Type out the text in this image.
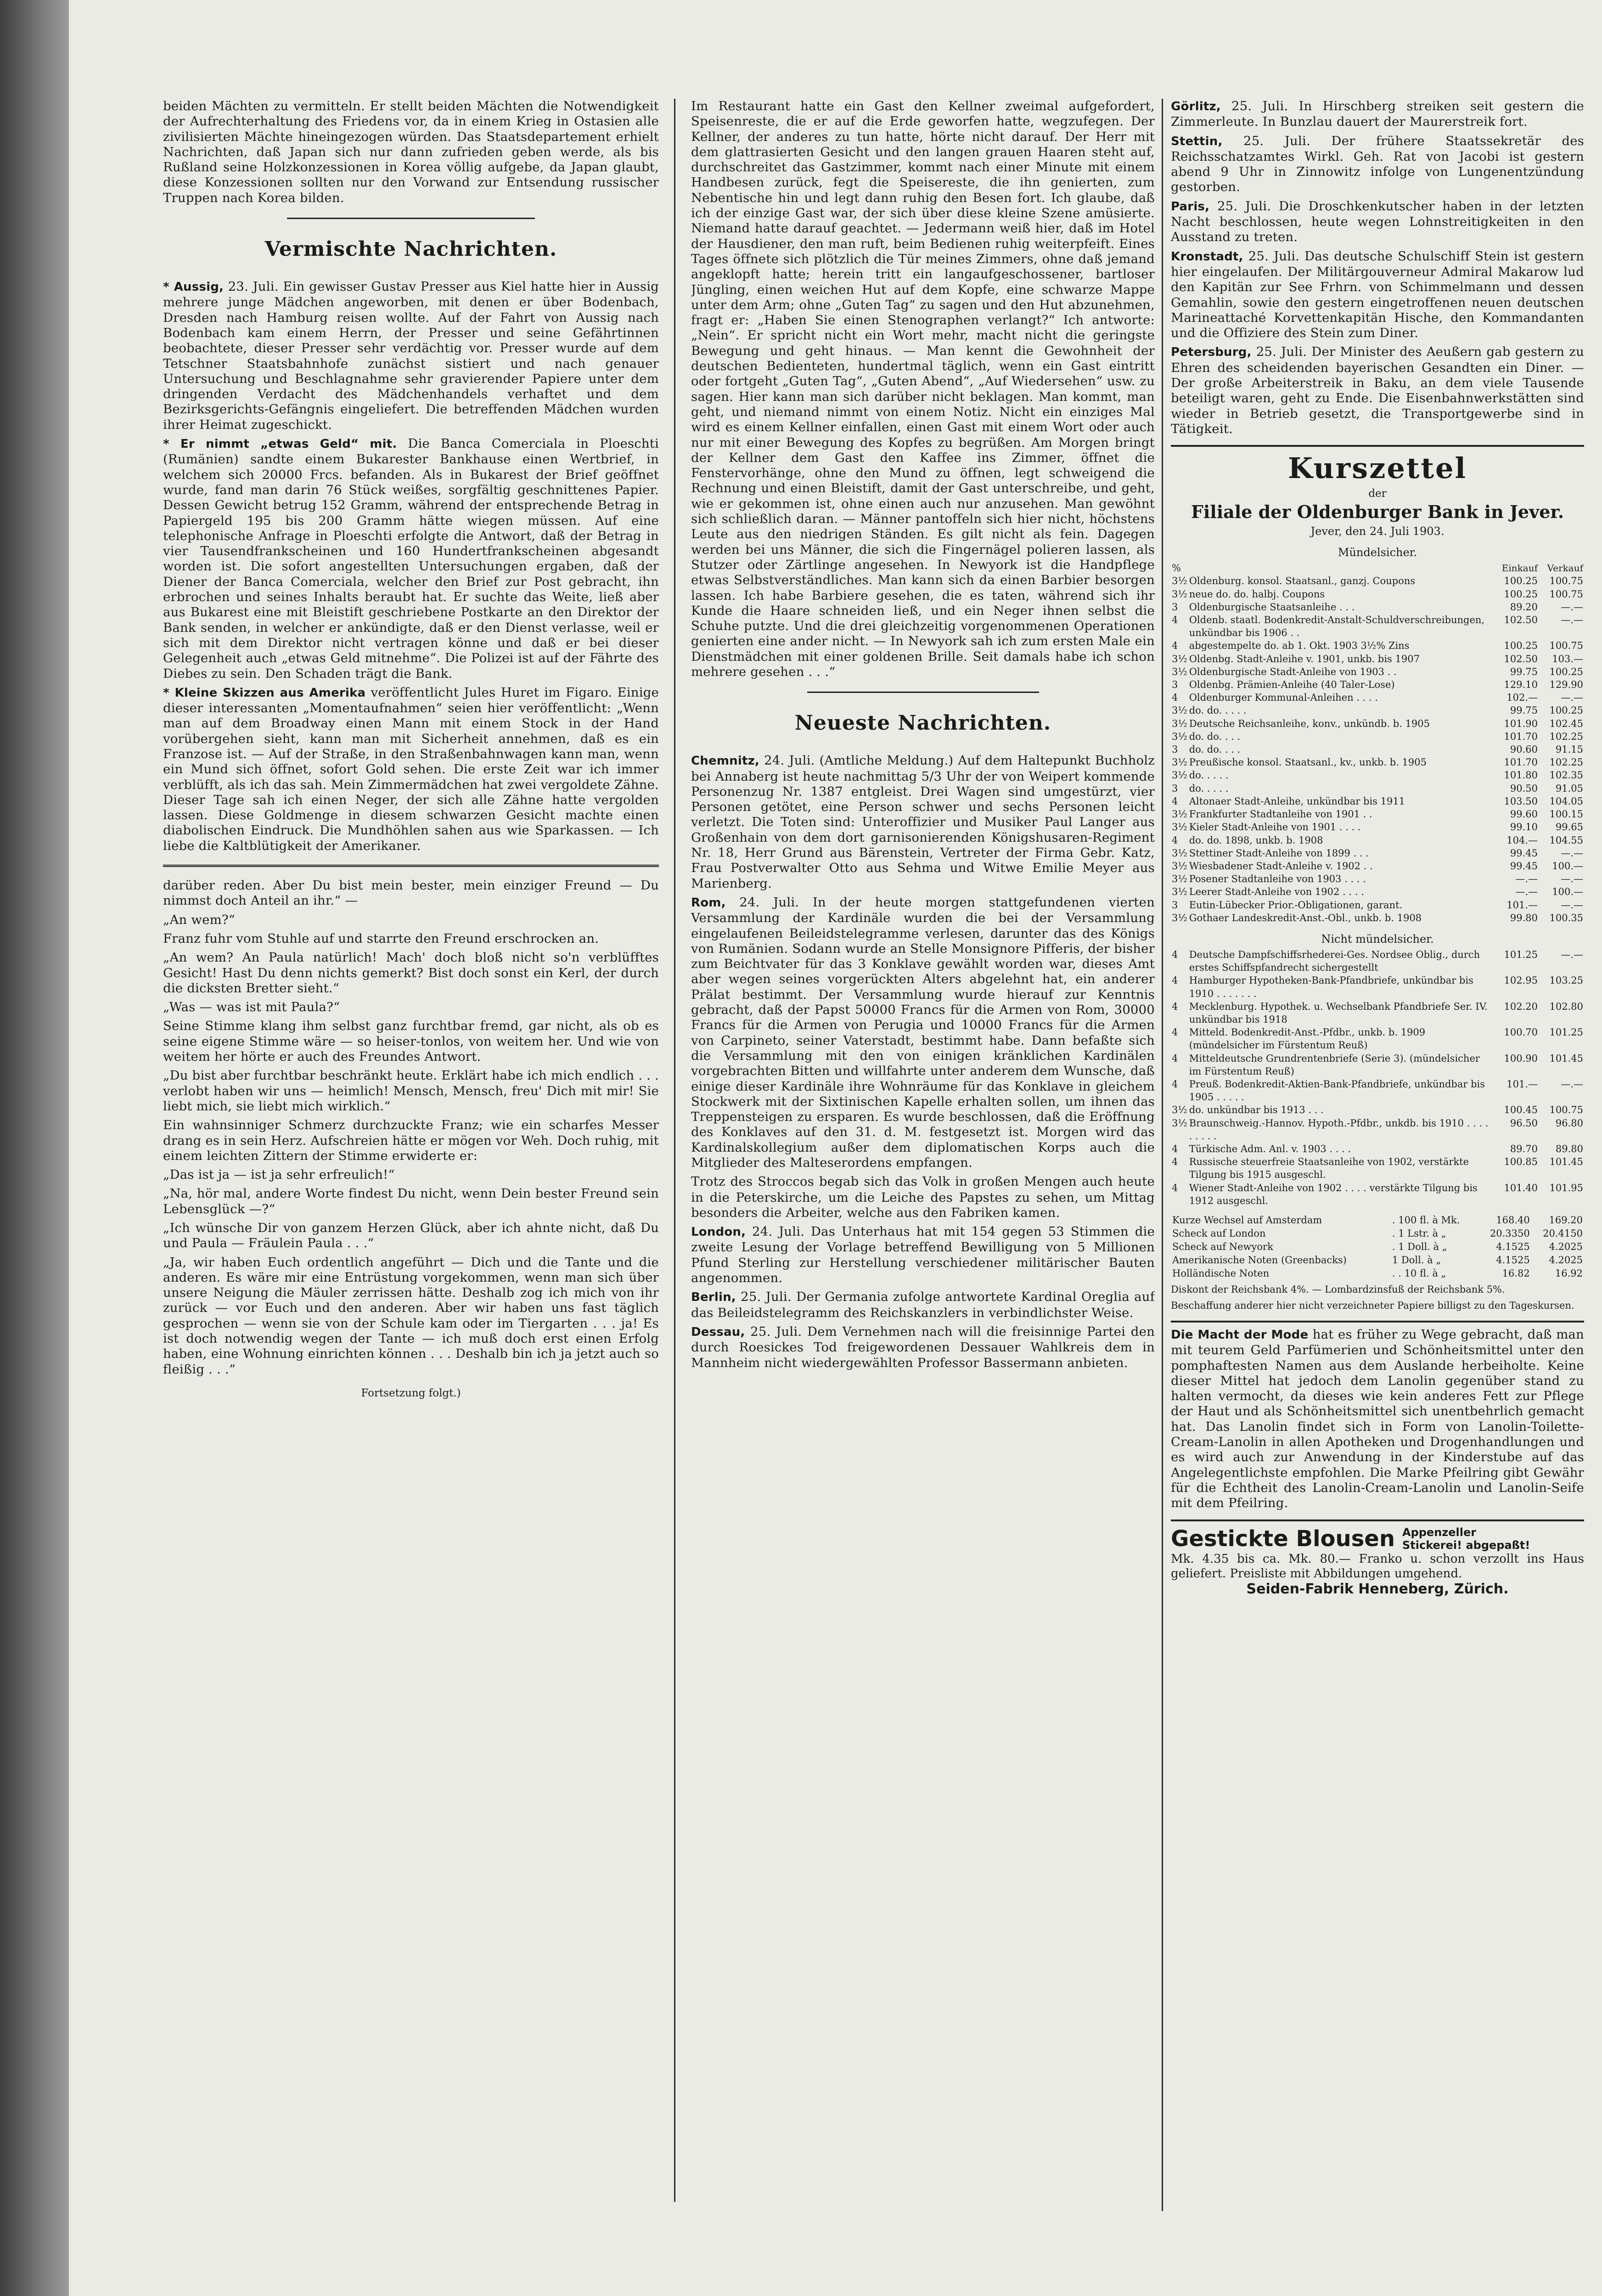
beiden Mächten zu vermitteln. Er stellt beiden Mächten die Notwendigkeit der Aufrechterhaltung des Friedens vor, da in einem Krieg in Ostasien alle zivilisierten Mächte hineingezogen würden. Das Staatsdepartement erhielt Nachrichten, daß Japan sich nur dann zufrieden geben werde, als bis Rußland seine Holzkonzessionen in Korea völlig aufgebe, da Japan glaubt, diese Konzessionen sollten nur den Vorwand zur Entsendung russischer Truppen nach Korea bilden.

Vermischte Nachrichten.

* Aussig, 23. Juli. Ein gewisser Gustav Presser aus Kiel hatte hier in Aussig mehrere junge Mädchen angeworben, mit denen er über Bodenbach, Dresden nach Hamburg reisen wollte. Auf der Fahrt von Aussig nach Bodenbach kam einem Herrn, der Presser und seine Gefährtinnen beobachtete, dieser Presser sehr verdächtig vor. Presser wurde auf dem Tetschner Staatsbahnhofe zunächst sistiert und nach genauer Untersuchung und Beschlagnahme sehr gravierender Papiere unter dem dringenden Verdacht des Mädchenhandels verhaftet und dem Bezirksgerichts-Gefängnis eingeliefert. Die betreffenden Mädchen wurden ihrer Heimat zugeschickt.

* Er nimmt „etwas Geld“ mit. Die Banca Comerciala in Ploeschti (Rumänien) sandte einem Bukarester Bankhause einen Wertbrief, in welchem sich 20000 Frcs. befanden. Als in Bukarest der Brief geöffnet wurde, fand man darin 76 Stück weißes, sorgfältig geschnittenes Papier. Dessen Gewicht betrug 152 Gramm, während der entsprechende Betrag in Papiergeld 195 bis 200 Gramm hätte wiegen müssen. Auf eine telephonische Anfrage in Ploeschti erfolgte die Antwort, daß der Betrag in vier Tausendfrankscheinen und 160 Hundertfrankscheinen abgesandt worden ist. Die sofort angestellten Untersuchungen ergaben, daß der Diener der Banca Comerciala, welcher den Brief zur Post gebracht, ihn erbrochen und seines Inhalts beraubt hat. Er suchte das Weite, ließ aber aus Bukarest eine mit Bleistift geschriebene Postkarte an den Direktor der Bank senden, in welcher er ankündigte, daß er den Dienst verlasse, weil er sich mit dem Direktor nicht vertragen könne und daß er bei dieser Gelegenheit auch „etwas Geld mitnehme“. Die Polizei ist auf der Fährte des Diebes zu sein. Den Schaden trägt die Bank.

* Kleine Skizzen aus Amerika veröffentlicht Jules Huret im Figaro. Einige dieser interessanten „Momentaufnahmen“ seien hier veröffentlicht: „Wenn man auf dem Broadway einen Mann mit einem Stock in der Hand vorübergehen sieht, kann man mit Sicherheit annehmen, daß es ein Franzose ist. — Auf der Straße, in den Straßenbahnwagen kann man, wenn ein Mund sich öffnet, sofort Gold sehen. Die erste Zeit war ich immer verblüfft, als ich das sah. Mein Zimmermädchen hat zwei vergoldete Zähne. Dieser Tage sah ich einen Neger, der sich alle Zähne hatte vergolden lassen. Diese Goldmenge in diesem schwarzen Gesicht machte einen diabolischen Eindruck. Die Mundhöhlen sahen aus wie Sparkassen. — Ich liebe die Kaltblütigkeit der Amerikaner.

darüber reden. Aber Du bist mein bester, mein einziger Freund — Du nimmst doch Anteil an ihr.“ —

„An wem?“

Franz fuhr vom Stuhle auf und starrte den Freund erschrocken an.

„An wem? An Paula natürlich! Mach' doch bloß nicht so'n verblüfftes Gesicht! Hast Du denn nichts gemerkt? Bist doch sonst ein Kerl, der durch die dicksten Bretter sieht.“

„Was — was ist mit Paula?“

Seine Stimme klang ihm selbst ganz furchtbar fremd, gar nicht, als ob es seine eigene Stimme wäre — so heiser-tonlos, von weitem her. Und wie von weitem her hörte er auch des Freundes Antwort.

„Du bist aber furchtbar beschränkt heute. Erklärt habe ich mich endlich . . . verlobt haben wir uns — heimlich! Mensch, Mensch, freu' Dich mit mir! Sie liebt mich, sie liebt mich wirklich.“

Ein wahnsinniger Schmerz durchzuckte Franz; wie ein scharfes Messer drang es in sein Herz. Aufschreien hätte er mögen vor Weh. Doch ruhig, mit einem leichten Zittern der Stimme erwiderte er:

„Das ist ja — ist ja sehr erfreulich!“

„Na, hör mal, andere Worte findest Du nicht, wenn Dein bester Freund sein Lebensglück —?“

„Ich wünsche Dir von ganzem Herzen Glück, aber ich ahnte nicht, daß Du und Paula — Fräulein Paula . . .“

„Ja, wir haben Euch ordentlich angeführt — Dich und die Tante und die anderen. Es wäre mir eine Entrüstung vorgekommen, wenn man sich über unsere Neigung die Mäuler zerrissen hätte. Deshalb zog ich mich von ihr zurück — vor Euch und den anderen. Aber wir haben uns fast täglich gesprochen — wenn sie von der Schule kam oder im Tiergarten . . . ja! Es ist doch notwendig wegen der Tante — ich muß doch erst einen Erfolg haben, eine Wohnung einrichten können . . . Deshalb bin ich ja jetzt auch so fleißig . . .“

Fortsetzung folgt.)

Im Restaurant hatte ein Gast den Kellner zweimal aufgefordert, Speisenreste, die er auf die Erde geworfen hatte, wegzufegen. Der Kellner, der anderes zu tun hatte, hörte nicht darauf. Der Herr mit dem glattrasierten Gesicht und den langen grauen Haaren steht auf, durchschreitet das Gastzimmer, kommt nach einer Minute mit einem Handbesen zurück, fegt die Speisereste, die ihn genierten, zum Nebentische hin und legt dann ruhig den Besen fort. Ich glaube, daß ich der einzige Gast war, der sich über diese kleine Szene amüsierte. Niemand hatte darauf geachtet. — Jedermann weiß hier, daß im Hotel der Hausdiener, den man ruft, beim Bedienen ruhig weiterpfeift. Eines Tages öffnete sich plötzlich die Tür meines Zimmers, ohne daß jemand angeklopft hatte; herein tritt ein langaufgeschossener, bartloser Jüngling, einen weichen Hut auf dem Kopfe, eine schwarze Mappe unter dem Arm; ohne „Guten Tag“ zu sagen und den Hut abzunehmen, fragt er: „Haben Sie einen Stenographen verlangt?“ Ich antworte: „Nein“. Er spricht nicht ein Wort mehr, macht nicht die geringste Bewegung und geht hinaus. — Man kennt die Gewohnheit der deutschen Bedienteten, hundertmal täglich, wenn ein Gast eintritt oder fortgeht „Guten Tag“, „Guten Abend“, „Auf Wiedersehen“ usw. zu sagen. Hier kann man sich darüber nicht beklagen. Man kommt, man geht, und niemand nimmt von einem Notiz. Nicht ein einziges Mal wird es einem Kellner einfallen, einen Gast mit einem Wort oder auch nur mit einer Bewegung des Kopfes zu begrüßen. Am Morgen bringt der Kellner dem Gast den Kaffee ins Zimmer, öffnet die Fenstervorhänge, ohne den Mund zu öffnen, legt schweigend die Rechnung und einen Bleistift, damit der Gast unterschreibe, und geht, wie er gekommen ist, ohne einen auch nur anzusehen. Man gewöhnt sich schließlich daran. — Männer pantoffeln sich hier nicht, höchstens Leute aus den niedrigen Ständen. Es gilt nicht als fein. Dagegen werden bei uns Männer, die sich die Fingernägel polieren lassen, als Stutzer oder Zärtlinge angesehen. In Newyork ist die Handpflege etwas Selbstverständliches. Man kann sich da einen Barbier besorgen lassen. Ich habe Barbiere gesehen, die es taten, während sich ihr Kunde die Haare schneiden ließ, und ein Neger ihnen selbst die Schuhe putzte. Und die drei gleichzeitig vorgenommenen Operationen genierten eine ander nicht. — In Newyork sah ich zum ersten Male ein Dienstmädchen mit einer goldenen Brille. Seit damals habe ich schon mehrere gesehen . . .“

Neueste Nachrichten.

Chemnitz, 24. Juli. (Amtliche Meldung.) Auf dem Haltepunkt Buchholz bei Annaberg ist heute nachmittag 5/3 Uhr der von Weipert kommende Personenzug Nr. 1387 entgleist. Drei Wagen sind umgestürzt, vier Personen getötet, eine Person schwer und sechs Personen leicht verletzt. Die Toten sind: Unteroffizier und Musiker Paul Langer aus Großenhain von dem dort garnisonierenden Königshusaren-Regiment Nr. 18, Herr Grund aus Bärenstein, Vertreter der Firma Gebr. Katz, Frau Postverwalter Otto aus Sehma und Witwe Emilie Meyer aus Marienberg.

Rom, 24. Juli. In der heute morgen stattgefundenen vierten Versammlung der Kardinäle wurden die bei der Versammlung eingelaufenen Beileidstelegramme verlesen, darunter das des Königs von Rumänien. Sodann wurde an Stelle Monsignore Pifferis, der bisher zum Beichtvater für das 3 Konklave gewählt worden war, dieses Amt aber wegen seines vorgerückten Alters abgelehnt hat, ein anderer Prälat bestimmt. Der Versammlung wurde hierauf zur Kenntnis gebracht, daß der Papst 50000 Francs für die Armen von Rom, 30000 Francs für die Armen von Perugia und 10000 Francs für die Armen von Carpineto, seiner Vaterstadt, bestimmt habe. Dann befaßte sich die Versammlung mit den von einigen kränklichen Kardinälen vorgebrachten Bitten und willfahrte unter anderem dem Wunsche, daß einige dieser Kardinäle ihre Wohnräume für das Konklave in gleichem Stockwerk mit der Sixtinischen Kapelle erhalten sollen, um ihnen das Treppensteigen zu ersparen. Es wurde beschlossen, daß die Eröffnung des Konklaves auf den 31. d. M. festgesetzt ist. Morgen wird das Kardinalskollegium außer dem diplomatischen Korps auch die Mitglieder des Malteserordens empfangen.

Trotz des Stroccos begab sich das Volk in großen Mengen auch heute in die Peterskirche, um die Leiche des Papstes zu sehen, um Mittag besonders die Arbeiter, welche aus den Fabriken kamen.

London, 24. Juli. Das Unterhaus hat mit 154 gegen 53 Stimmen die zweite Lesung der Vorlage betreffend Bewilligung von 5 Millionen Pfund Sterling zur Herstellung verschiedener militärischer Bauten angenommen.

Berlin, 25. Juli. Der Germania zufolge antwortete Kardinal Oreglia auf das Beileidstelegramm des Reichskanzlers in verbindlichster Weise.

Dessau, 25. Juli. Dem Vernehmen nach will die freisinnige Partei den durch Roesickes Tod freigewordenen Dessauer Wahlkreis dem in Mannheim nicht wiedergewählten Professor Bassermann anbieten.

Görlitz, 25. Juli. In Hirschberg streiken seit gestern die Zimmerleute. In Bunzlau dauert der Maurerstreik fort.

Stettin, 25. Juli. Der frühere Staatssekretär des Reichsschatzamtes Wirkl. Geh. Rat von Jacobi ist gestern abend 9 Uhr in Zinnowitz infolge von Lungenentzündung gestorben.

Paris, 25. Juli. Die Droschkenkutscher haben in der letzten Nacht beschlossen, heute wegen Lohnstreitigkeiten in den Ausstand zu treten.

Kronstadt, 25. Juli. Das deutsche Schulschiff Stein ist gestern hier eingelaufen. Der Militärgouverneur Admiral Makarow lud den Kapitän zur See Frhrn. von Schimmelmann und dessen Gemahlin, sowie den gestern eingetroffenen neuen deutschen Marineattaché Korvettenkapitän Hische, den Kommandanten und die Offiziere des Stein zum Diner.

Petersburg, 25. Juli. Der Minister des Aeußern gab gestern zu Ehren des scheidenden bayerischen Gesandten ein Diner. — Der große Arbeiterstreik in Baku, an dem viele Tausende beteiligt waren, geht zu Ende. Die Eisenbahnwerkstätten sind wieder in Betrieb gesetzt, die Transportgewerbe sind in Tätigkeit.

Kurszettel
der
Filiale der Oldenburger Bank in Jever.
Jever, den 24. Juli 1903.
Mündelsicher.
%		Einkauf	Verkauf
3½	Oldenburg. konsol. Staatsanl., ganzj. Coupons	100.25	100.75
3½	neue do. do. halbj. Coupons	100.25	100.75
3	Oldenburgische Staatsanleihe . . .	89.20	—.—
4	Oldenb. staatl. Bodenkredit-Anstalt-Schuldverschreibungen, unkündbar bis 1906 . .	102.50	—.—
4	abgestempelte do. ab 1. Okt. 1903 3½% Zins	100.25	100.75
3½	Oldenbg. Stadt-Anleihe v. 1901, unkb. bis 1907	102.50	103.—
3½	Oldenburgische Stadt-Anleihe von 1903 . .	99.75	100.25
3	Oldenbg. Prämien-Anleihe (40 Taler-Lose)	129.10	129.90
4	Oldenburger Kommunal-Anleihen . . . .	102.—	—.—
3½	do. do. . . . .	99.75	100.25
3½	Deutsche Reichsanleihe, konv., unkündb. b. 1905	101.90	102.45
3½	do. do. . . .	101.70	102.25
3	do. do. . . .	90.60	91.15
3½	Preußische konsol. Staatsanl., kv., unkb. b. 1905	101.70	102.25
3½	do. . . . .	101.80	102.35
3	do. . . . .	90.50	91.05
4	Altonaer Stadt-Anleihe, unkündbar bis 1911	103.50	104.05
3½	Frankfurter Stadtanleihe von 1901 . .	99.60	100.15
3½	Kieler Stadt-Anleihe von 1901 . . . .	99.10	99.65
4	do. do. 1898, unkb. b. 1908	104.—	104.55
3½	Stettiner Stadt-Anleihe von 1899 . . .	99.45	—.—
3½	Wiesbadener Stadt-Anleihe v. 1902 . .	99.45	100.—
3½	Posener Stadtanleihe von 1903 . . . .	—.—	—.—
3½	Leerer Stadt-Anleihe von 1902 . . . .	—.—	100.—
3	Eutin-Lübecker Prior.-Obligationen, garant.	101.—	—.—
3½	Gothaer Landeskredit-Anst.-Obl., unkb. b. 1908	99.80	100.35
Nicht mündelsicher.
4	Deutsche Dampfschiffsrhederei-Ges. Nordsee Oblig., durch erstes Schiffspfandrecht sichergestellt	101.25	—.—
4	Hamburger Hypotheken-Bank-Pfandbriefe, unkündbar bis 1910 . . . . . . .	102.95	103.25
4	Mecklenburg. Hypothek. u. Wechselbank Pfandbriefe Ser. IV. unkündbar bis 1918	102.20	102.80
4	Mitteld. Bodenkredit-Anst.-Pfdbr., unkb. b. 1909 (mündelsicher im Fürstentum Reuß)	100.70	101.25
4	Mitteldeutsche Grundrentenbriefe (Serie 3). (mündelsicher im Fürstentum Reuß)	100.90	101.45
4	Preuß. Bodenkredit-Aktien-Bank-Pfandbriefe, unkündbar bis 1905 . . . . .	101.—	—.—
3½	do. unkündbar bis 1913 . . .	100.45	100.75
3½	Braunschweig.-Hannov. Hypoth.-Pfdbr., unkdb. bis 1910 . . . . . . . . .	96.50	96.80
4	Türkische Adm. Anl. v. 1903 . . . .	89.70	89.80
4	Russische steuerfreie Staatsanleihe von 1902, verstärkte Tilgung bis 1915 ausgeschl.	100.85	101.45
4	Wiener Stadt-Anleihe von 1902 . . . . verstärkte Tilgung bis 1912 ausgeschl.	101.40	101.95
Kurze Wechsel auf Amsterdam	. 100 fl. à Mk.	168.40	169.20
Scheck auf London	. 1 Lstr. à „	20.3350	20.4150
Scheck auf Newyork	. 1 Doll. à „	4.1525	4.2025
Amerikanische Noten (Greenbacks)	1 Doll. à „	4.1525	4.2025
Holländische Noten	. . 10 fl. à „	16.82	16.92
Diskont der Reichsbank 4%. — Lombardzinsfuß der Reichsbank 5%.
Beschaffung anderer hier nicht verzeichneter Papiere billigst zu den Tageskursen.

Die Macht der Mode hat es früher zu Wege gebracht, daß man mit teurem Geld Parfümerien und Schönheitsmittel unter den pomphaftesten Namen aus dem Auslande herbeiholte. Keine dieser Mittel hat jedoch dem Lanolin gegenüber stand zu halten vermocht, da dieses wie kein anderes Fett zur Pflege der Haut und als Schönheitsmittel sich unentbehrlich gemacht hat. Das Lanolin findet sich in Form von Lanolin-Toilette-Cream-Lanolin in allen Apotheken und Drogenhandlungen und es wird auch zur Anwendung in der Kinderstube auf das Angelegentlichste empfohlen. Die Marke Pfeilring gibt Gewähr für die Echtheit des Lanolin-Cream-Lanolin und Lanolin-Seife mit dem Pfeilring.

Gestickte Blousen Appenzeller
Stickerei! abgepaßt!
Mk. 4.35 bis ca. Mk. 80.— Franko u. schon verzollt ins Haus geliefert. Preisliste mit Abbildungen umgehend.
Seiden-Fabrik Henneberg, Zürich.
